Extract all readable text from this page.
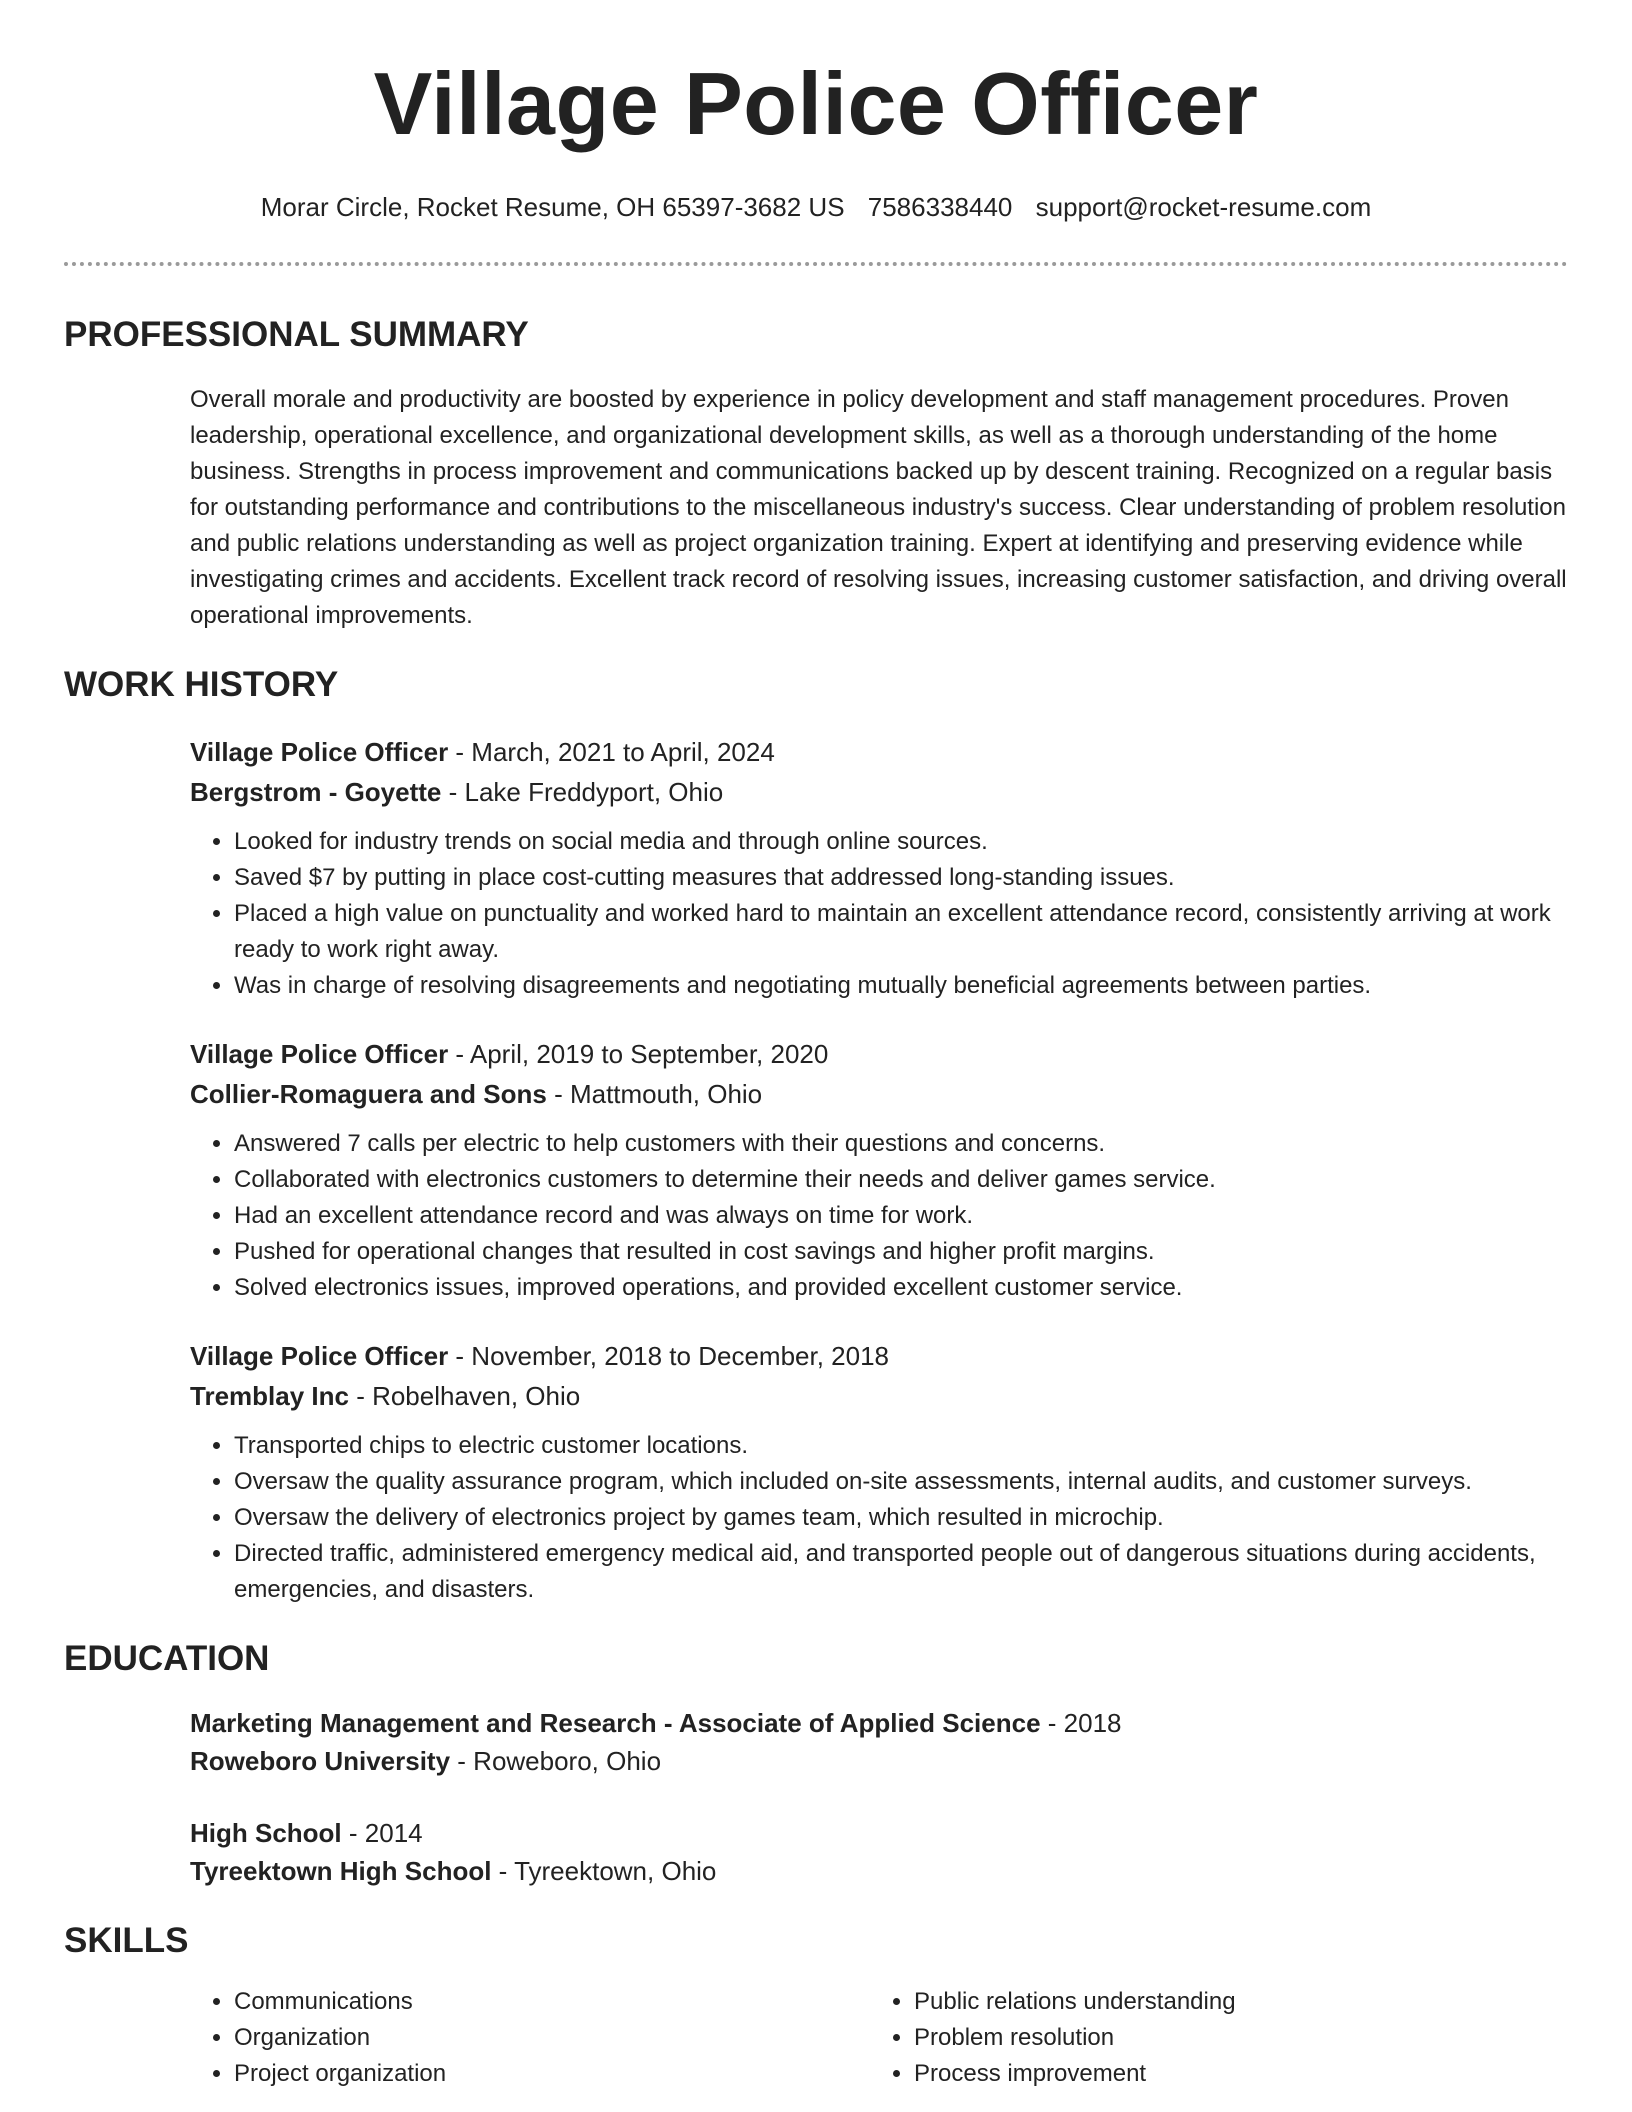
Village Police Officer
Morar Circle, Rocket Resume, OH 65397-3682 US 7586338440 support@rocket-resume.com
PROFESSIONAL SUMMARY
Overall morale and productivity are boosted by experience in policy development and staff management procedures. Proven leadership, operational excellence, and organizational development skills, as well as a thorough understanding of the home business. Strengths in process improvement and communications backed up by descent training. Recognized on a regular basis for outstanding performance and contributions to the miscellaneous industry's success. Clear understanding of problem resolution and public relations understanding as well as project organization training. Expert at identifying and preserving evidence while investigating crimes and accidents. Excellent track record of resolving issues, increasing customer satisfaction, and driving overall operational improvements.
WORK HISTORY
Village Police Officer - March, 2021 to April, 2024
Bergstrom - Goyette - Lake Freddyport, Ohio
• Looked for industry trends on social media and through online sources.
• Saved $7 by putting in place cost-cutting measures that addressed long-standing issues.
• Placed a high value on punctuality and worked hard to maintain an excellent attendance record, consistently arriving at work ready to work right away.
• Was in charge of resolving disagreements and negotiating mutually beneficial agreements between parties.
Village Police Officer - April, 2019 to September, 2020
Collier-Romaguera and Sons - Mattmouth, Ohio
• Answered 7 calls per electric to help customers with their questions and concerns.
• Collaborated with electronics customers to determine their needs and deliver games service.
• Had an excellent attendance record and was always on time for work.
• Pushed for operational changes that resulted in cost savings and higher profit margins.
• Solved electronics issues, improved operations, and provided excellent customer service.
Village Police Officer - November, 2018 to December, 2018
Tremblay Inc - Robelhaven, Ohio
• Transported chips to electric customer locations.
• Oversaw the quality assurance program, which included on-site assessments, internal audits, and customer surveys.
• Oversaw the delivery of electronics project by games team, which resulted in microchip.
• Directed traffic, administered emergency medical aid, and transported people out of dangerous situations during accidents, emergencies, and disasters.
EDUCATION
Marketing Management and Research - Associate of Applied Science - 2018
Roweboro University - Roweboro, Ohio
High School - 2014
Tyreektown High School - Tyreektown, Ohio
SKILLS
• Communications
• Organization
• Project organization
• Public relations understanding
• Problem resolution
• Process improvement
